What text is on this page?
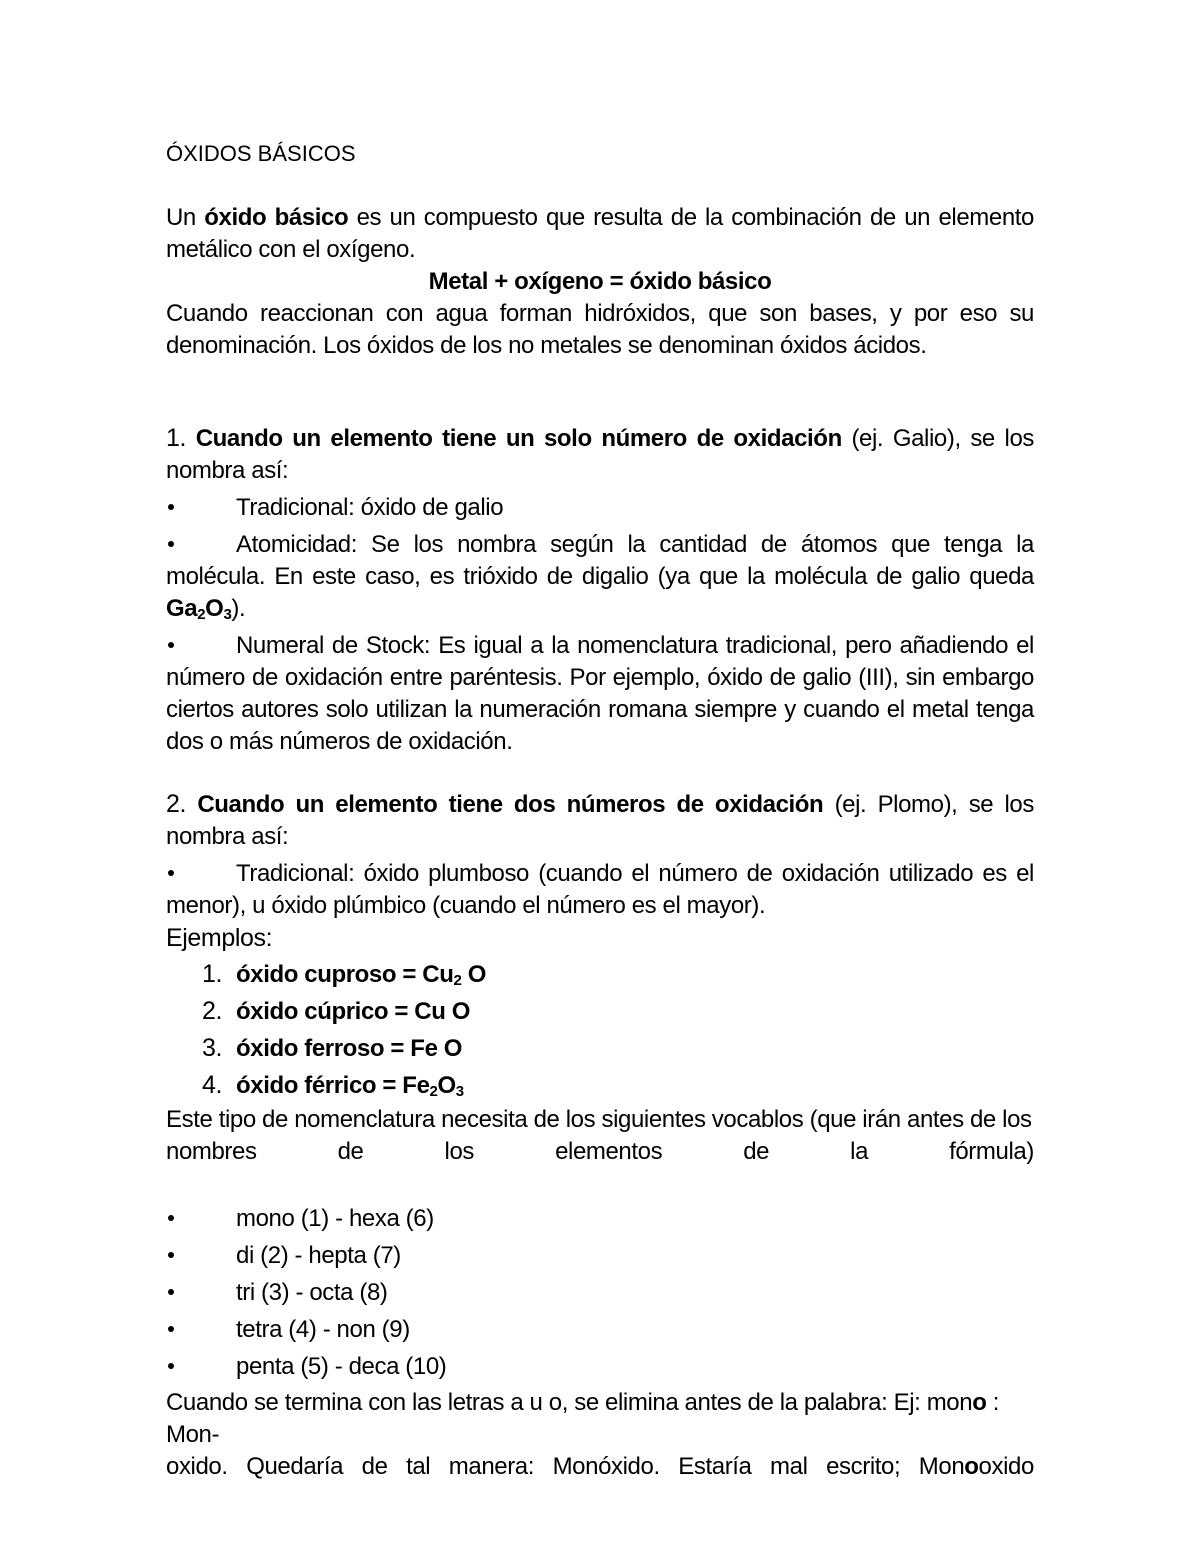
ÓXIDOS BÁSICOS

Un óxido básico es un compuesto que resulta de la combinación de un elemento metálico con el oxígeno.

Metal + oxígeno = óxido básico

Cuando reaccionan con agua forman hidróxidos, que son bases, y por eso su denominación. Los óxidos de los no metales se denominan óxidos ácidos.

1. Cuando un elemento tiene un solo número de oxidación (ej. Galio), se los nombra así:

Tradicional: óxido de galio

Atomicidad: Se los nombra según la cantidad de átomos que tenga la molécula. En este caso, es trióxido de digalio (ya que la molécula de galio queda $Ga_2O_3$).

Numeral de Stock: Es igual a la nomenclatura tradicional, pero añadiendo el número de oxidación entre paréntesis. Por ejemplo, óxido de galio (III), sin embargo ciertos autores solo utilizan la numeración romana siempre y cuando el metal tenga dos o más números de oxidación.

2. Cuando un elemento tiene dos números de oxidación (ej. Plomo), se los nombra así:

Tradicional: óxido plumboso (cuando el número de oxidación utilizado es el menor), u óxido plúmbico (cuando el número es el mayor).

Ejemplos:

1. óxido cuproso = $Cu_2$ O
2. óxido cúprico = Cu O
3. óxido ferroso = Fe O
4. óxido férrico = $Fe_2O_3$

Este tipo de nomenclatura necesita de los siguientes vocablos (que irán antes de los

nombres	de	los	elementos	de	la	fórmula)

mono (1) - hexa (6)

di (2) - hepta (7)

tri (3) - octa (8)

tetra (4) - non (9)

penta (5) - deca (10)

Cuando se termina con las letras a u o, se elimina antes de la palabra: Ej: mono : Mon-

oxido. Quedaría de tal manera: Monóxido. Estaría mal escrito; Monooxido
